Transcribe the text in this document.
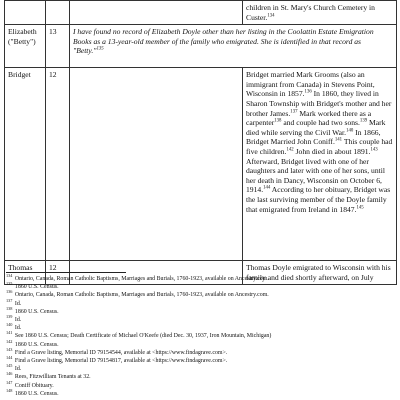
			children in St. Mary's Church Cemetery in Custer.$^{134}$

Elizabeth
("Betty")	13	I have found no record of Elizabeth Doyle other than her listing in the Coolattin Estate Emigration Books as a 13-year-old member of the family who emigrated. She is identified in that record as "Betty."$^{135}$
Bridget	12		Bridget married Mark Grooms (also an immigrant from Canada) in Stevens Point, Wisconsin in 1857.$^{136}$ In 1860, they lived in Sharon Township with Bridget's mother and her brother James.$^{137}$ Mark worked there as a carpenter$^{138}$ and couple had two sons.$^{139}$ Mark died while serving the Civil War.$^{140}$ In 1866, Bridget Married John Coniff.$^{141}$ This couple had five children.$^{142}$ John died in about 1891.$^{143}$ Afterward, Bridget lived with one of her daughters and later with one of her sons, until her death in Dancy, Wisconsin on October 6, 1914.$^{144}$ According to her obituary, Bridget was the last surviving member of the Doyle family that emigrated from Ireland in 1847.$^{145}$
Thomas	12		Thomas Doyle emigrated to Wisconsin with his family and died shortly afterward, on July
$^{134}$ Ontario, Canada, Roman Catholic Baptisms, Marriages and Burials, 1760-1923, available on Ancestry.com.
$^{135}$ 1860 U.S. Census.
$^{136}$ Ontario, Canada, Roman Catholic Baptisms, Marriages and Burials, 1760-1923, available on Ancestry.com.
$^{137}$ Id.
$^{138}$ 1860 U.S. Census.
$^{139}$ Id.
$^{140}$ Id.
$^{141}$ See 1860 U.S. Census; Death Certificate of Michael O'Keefe (died Dec. 30, 1937, Iron Mountain, Michigan)
$^{142}$ 1860 U.S. Census.
$^{143}$ Find a Grave listing, Memorial ID 79154544, available at <https://www.findagrave.com>.
$^{144}$ Find a Grave listing, Memorial ID 79154817, available at <https://www.findagrave.com>.
$^{145}$ Id.
$^{146}$ Rees, Fitzwilliam Tenants at 32.
$^{147}$ Coniff Obituary.
$^{148}$ 1860 U.S. Census.
